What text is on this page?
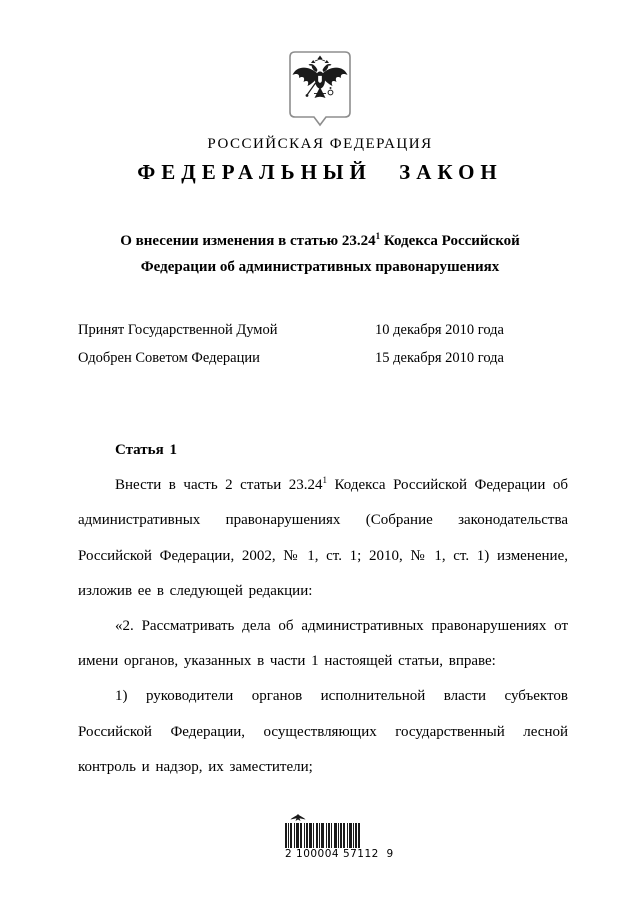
РОССИЙСКАЯ ФЕДЕРАЦИЯ
ФЕДЕРАЛЬНЫЙ ЗАКОН
О внесении изменения в статью 23.24$^1$ Кодекса Российской Федерации об административных правонарушениях
Принят Государственной Думой	10 декабря 2010 года
Одобрен Советом Федерации	15 декабря 2010 года

Статья 1

Внести в часть 2 статьи 23.24$^1$ Кодекса Российской Федерации об административных правонарушениях (Собрание законодательства Российской Федерации, 2002, № 1, ст. 1; 2010, № 1, ст. 1) изменение, изложив ее в следующей редакции:

«2. Рассматривать дела об административных правонарушениях от имени органов, указанных в части 1 настоящей статьи, вправе:

1) руководители органов исполнительной власти субъектов Российской Федерации, осуществляющих государственный лесной контроль и надзор, их заместители;

2 100004 57112  9
